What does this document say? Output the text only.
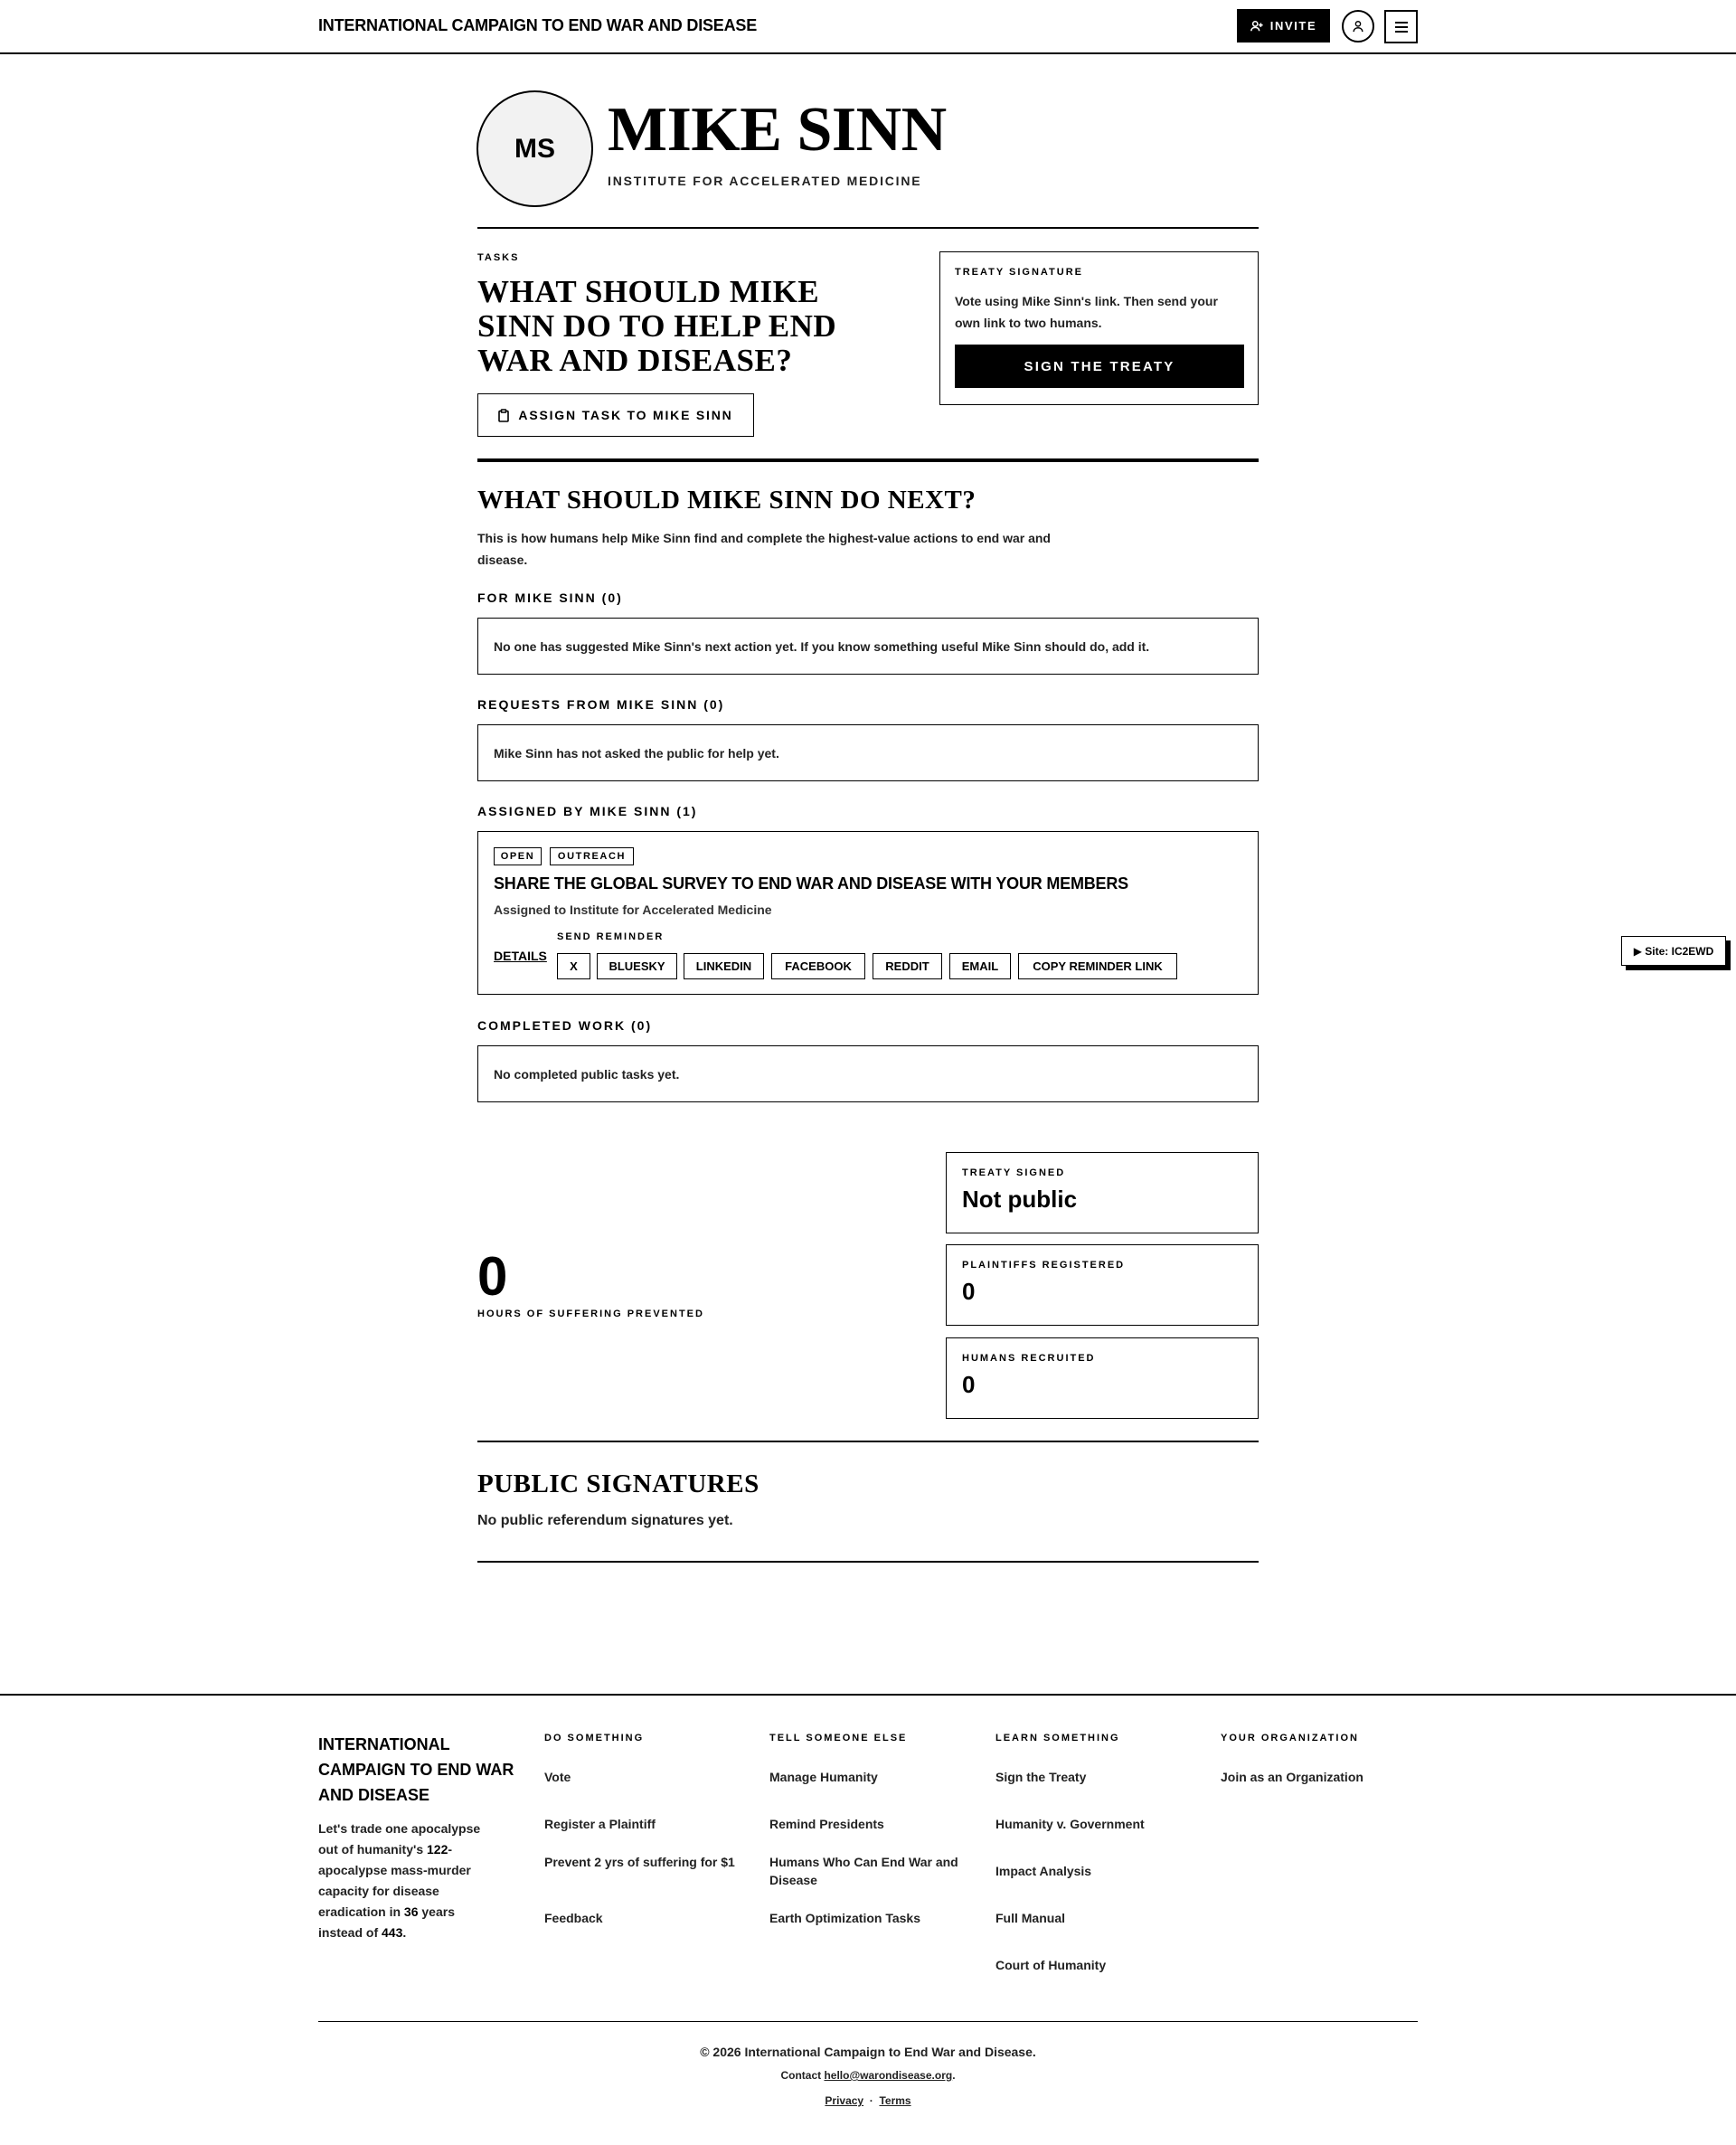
INTERNATIONAL CAMPAIGN TO END WAR AND DISEASE	INVITE
MS MIKE SINN
INSTITUTE FOR ACCELERATED MEDICINE
TASKS
WHAT SHOULD MIKE SINN DO TO HELP END WAR AND DISEASE?
ASSIGN TASK TO MIKE SINN
TREATY SIGNATURE

Vote using Mike Sinn's link. Then send your own link to two humans.

SIGN THE TREATY
WHAT SHOULD MIKE SINN DO NEXT?
This is how humans help Mike Sinn find and complete the highest-value actions to end war and disease.
FOR MIKE SINN (0)
No one has suggested Mike Sinn's next action yet. If you know something useful Mike Sinn should do, add it.
REQUESTS FROM MIKE SINN (0)
Mike Sinn has not asked the public for help yet.
ASSIGNED BY MIKE SINN (1)
OPEN	OUTREACH
SHARE THE GLOBAL SURVEY TO END WAR AND DISEASE WITH YOUR MEMBERS
Assigned to Institute for Accelerated Medicine
DETAILS
SEND REMINDER
X	BLUESKY	LINKEDIN	FACEBOOK	REDDIT	EMAIL	COPY REMINDER LINK
COMPLETED WORK (0)
No completed public tasks yet.
▶ Site: IC2EWD
0
HOURS OF SUFFERING PREVENTED
TREATY SIGNED
Not public
PLAINTIFFS REGISTERED
0
HUMANS RECRUITED
0
PUBLIC SIGNATURES
No public referendum signatures yet.
INTERNATIONAL CAMPAIGN TO END WAR AND DISEASE
Let's trade one apocalypse out of humanity's 122-apocalypse mass-murder capacity for disease eradication in 36 years instead of 443.
DO SOMETHING
Vote
Register a Plaintiff
Prevent 2 yrs of suffering for $1
Feedback
TELL SOMEONE ELSE
Manage Humanity
Remind Presidents
Humans Who Can End War and Disease
Earth Optimization Tasks
LEARN SOMETHING
Sign the Treaty
Humanity v. Government
Impact Analysis
Full Manual
Court of Humanity
YOUR ORGANIZATION
Join as an Organization
© 2026 International Campaign to End War and Disease.
Contact hello@warondisease.org.
Privacy · Terms
